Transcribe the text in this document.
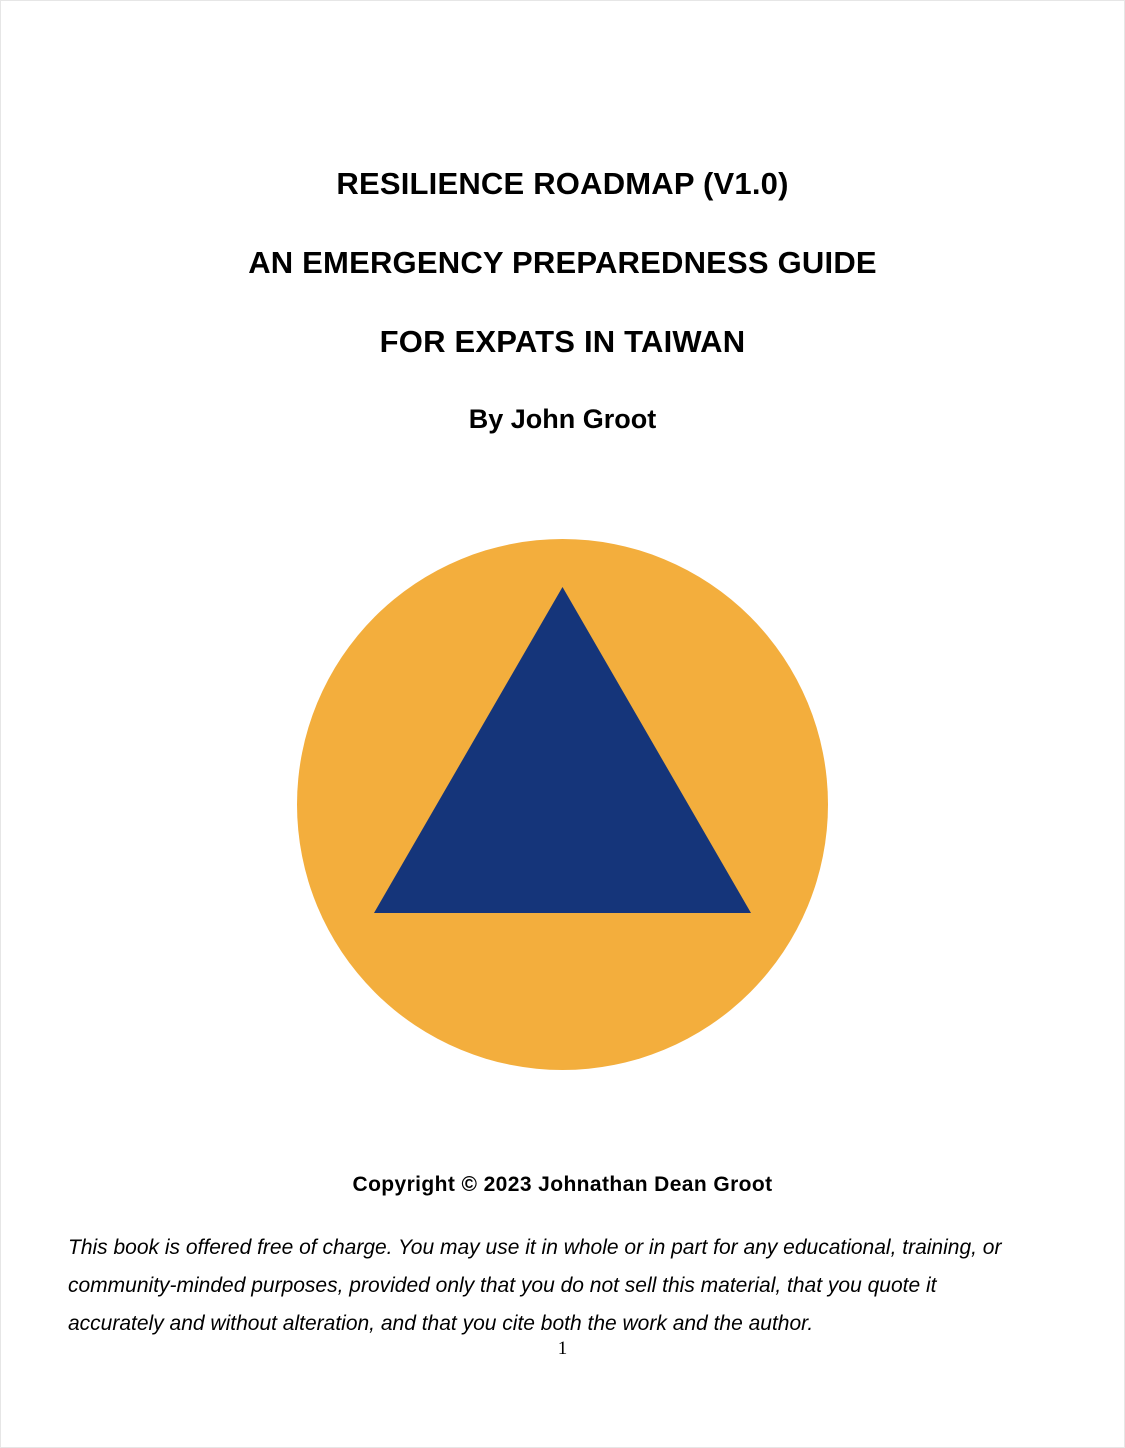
RESILIENCE ROADMAP (V1.0)
AN EMERGENCY PREPAREDNESS GUIDE
FOR EXPATS IN TAIWAN
By John Groot
Copyright © 2023 Johnathan Dean Groot

This book is offered free of charge. You may use it in whole or in part for any educational, training, or
community-minded purposes, provided only that you do not sell this material, that you quote it
accurately and without alteration, and that you cite both the work and the author.

1
